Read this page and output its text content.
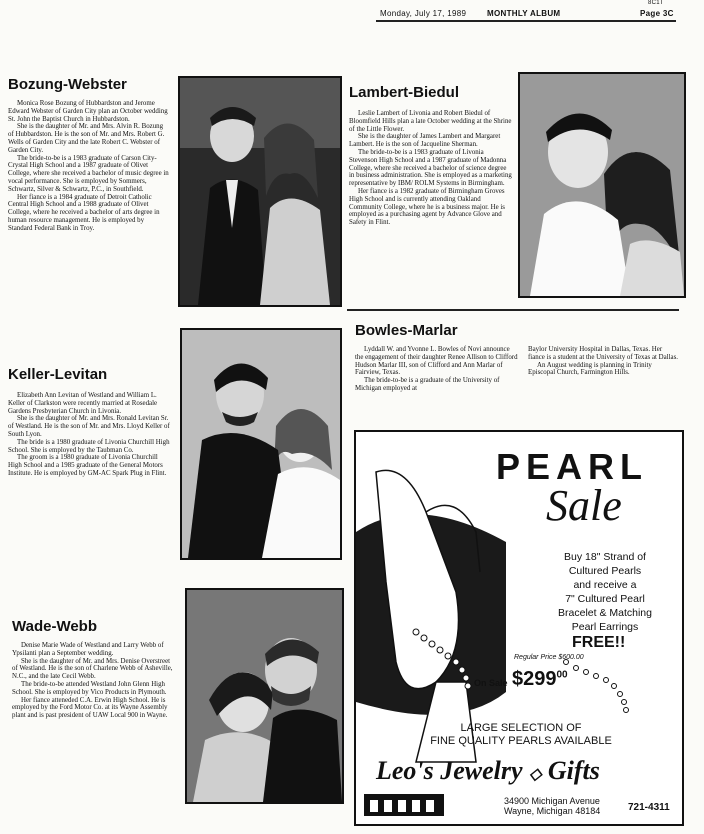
8C1T
Monday, July 17, 1989	MONTHLY ALBUM	Page 3C
Bozung-Webster

Monica Rose Bozung of Hubbardston and Jerome Edward Webster of Garden City plan an October wedding St. John the Baptist Church in Hubbardston.

She is the daughter of Mr. and Mrs. Alvin R. Bozung of Hubbardston. He is the son of Mr. and Mrs. Robert G. Wells of Garden City and the late Robert C. Webster of Garden City.

The bride-to-be is a 1983 graduate of Carson City-Crystal High School and a 1987 graduate of Olivet College, where she received a bachelor of music degree in vocal performance. She is employed by Sommers, Schwartz, Silver & Schwartz, P.C., in Southfield.

Her fiance is a 1984 graduate of Detroit Catholic Central High School and a 1988 graduate of Olivet College, where he received a bachelor of arts degree in human resource management. He is employed by Standard Federal Bank in Troy.

Lambert-Biedul

Leslie Lambert of Livonia and Robert Biedul of Bloomfield Hills plan a late October wedding at the Shrine of the Little Flower.

She is the daughter of James Lambert and Margaret Lambert. He is the son of Jacqueline Sherman.

The bride-to-be is a 1983 graduate of Livonia Stevenson High School and a 1987 graduate of Madonna College, where she received a bachelor of science degree in business administration. She is employed as a marketing representative by IBM/ ROLM Systems in Birmingham.

Her fiance is a 1982 graduate of Birmingham Groves High School and is currently attending Oakland Community College, where he is a business major. He is employed as a purchasing agent by Advance Glove and Safety in Flint.

Bowles-Marlar

Lyddall W. and Yvonne L. Bowles of Novi announce the engagement of their daughter Renee Allison to Clifford Hudson Marlar III, son of Clifford and Ann Marlar of Fairview, Texas.

The bride-to-be is a graduate of the University of Michigan employed at

Baylor University Hospital in Dallas, Texas. Her fiance is a student at the University of Texas at Dallas.

An August wedding is planning in Trinity Episcopal Church, Farmington Hills.

Keller-Levitan

Elizabeth Ann Levitan of Westland and William L. Keller of Clarkston were recently married at Rosedale Gardens Presbyterian Church in Livonia.

She is the daughter of Mr. and Mrs. Ronald Levitan Sr. of Westland. He is the son of Mr. and Mrs. Lloyd Keller of South Lyon.

The bride is a 1980 graduate of Livonia Churchill High School. She is employed by the Taubman Co.

The groom is a 1980 graduate of Livonia Churchill High School and a 1985 graduate of the General Motors Institute. He is employed by GM-AC Spark Plug in Flint.

Wade-Webb

Denise Marie Wade of Westland and Larry Webb of Ypsilanti plan a September wedding.

She is the daughter of Mr. and Mrs. Denise Overstreet of Westland. He is the son of Charlene Webb of Asheville, N.C., and the late Cecil Webb.

The bride-to-be attended Westland John Glenn High School. She is employed by Vico Products in Plymouth.

Her fiance atteneded C.A. Erwin High School. He is employed by the Ford Motor Co. at its Wayne Assembly plant and is past president of UAW Local 900 in Wayne.

PEARL
Sale
Buy 18" Strand of
Cultured Pearls
and receive a
7" Cultured Pearl
Bracelet & Matching
Pearl Earrings
FREE!!
Regular Price $600.00
On Sale $\$299^{00}$
LARGE SELECTION OF
FINE QUALITY PEARLS AVAILABLE
Leo's Jewelry ◇ Gifts
34900 Michigan Avenue
Wayne, Michigan 48184	721-4311
